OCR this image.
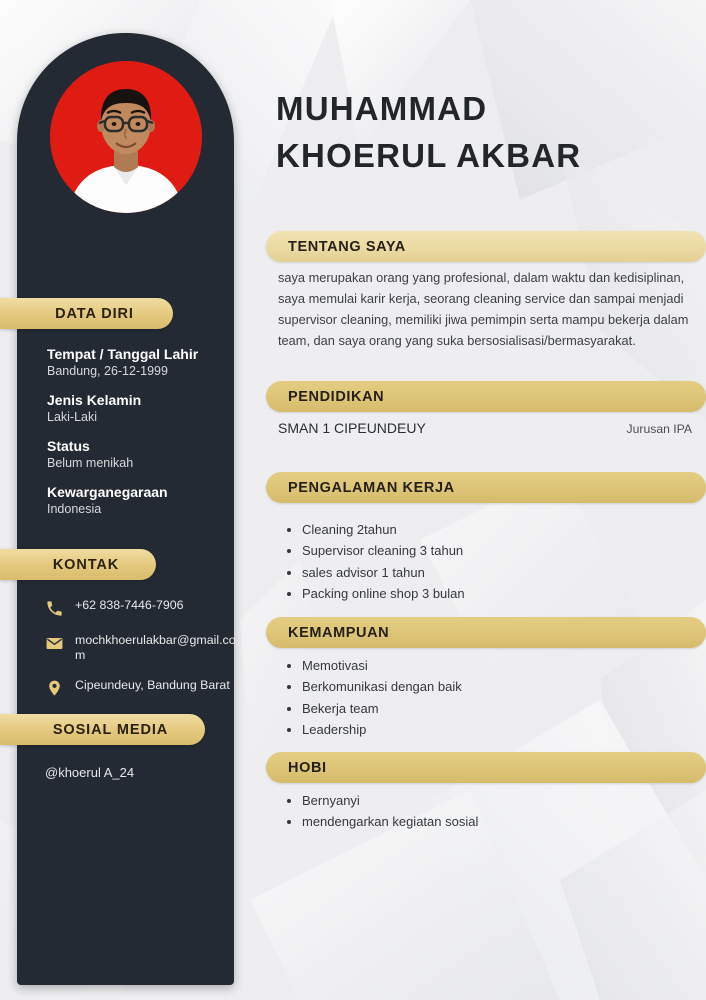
DATA DIRI
Tempat / Tanggal Lahir
Bandung, 26-12-1999
Jenis Kelamin
Laki-Laki
Status
Belum menikah
Kewarganegaraan
Indonesia
KONTAK
+62 838-7446-7906
mochkhoerulakbar@gmail.com
Cipeundeuy, Bandung Barat
SOSIAL MEDIA
@khoerul A_24
MUHAMMAD
KHOERUL AKBAR
TENTANG SAYA

saya merupakan orang yang profesional, dalam waktu dan kedisiplinan, saya memulai karir kerja, seorang cleaning service dan sampai menjadi supervisor cleaning, memiliki jiwa pemimpin serta mampu bekerja dalam team, dan saya orang yang suka bersosialisasi/bermasyarakat.

PENDIDIKAN
SMAN 1 CIPEUNDEUY	Jurusan IPA
PENGALAMAN KERJA
Cleaning 2tahun
Supervisor cleaning 3 tahun
sales advisor 1 tahun
Packing online shop 3 bulan
KEMAMPUAN
Memotivasi
Berkomunikasi dengan baik
Bekerja team
Leadership
HOBI
Bernyanyi
mendengarkan kegiatan sosial
